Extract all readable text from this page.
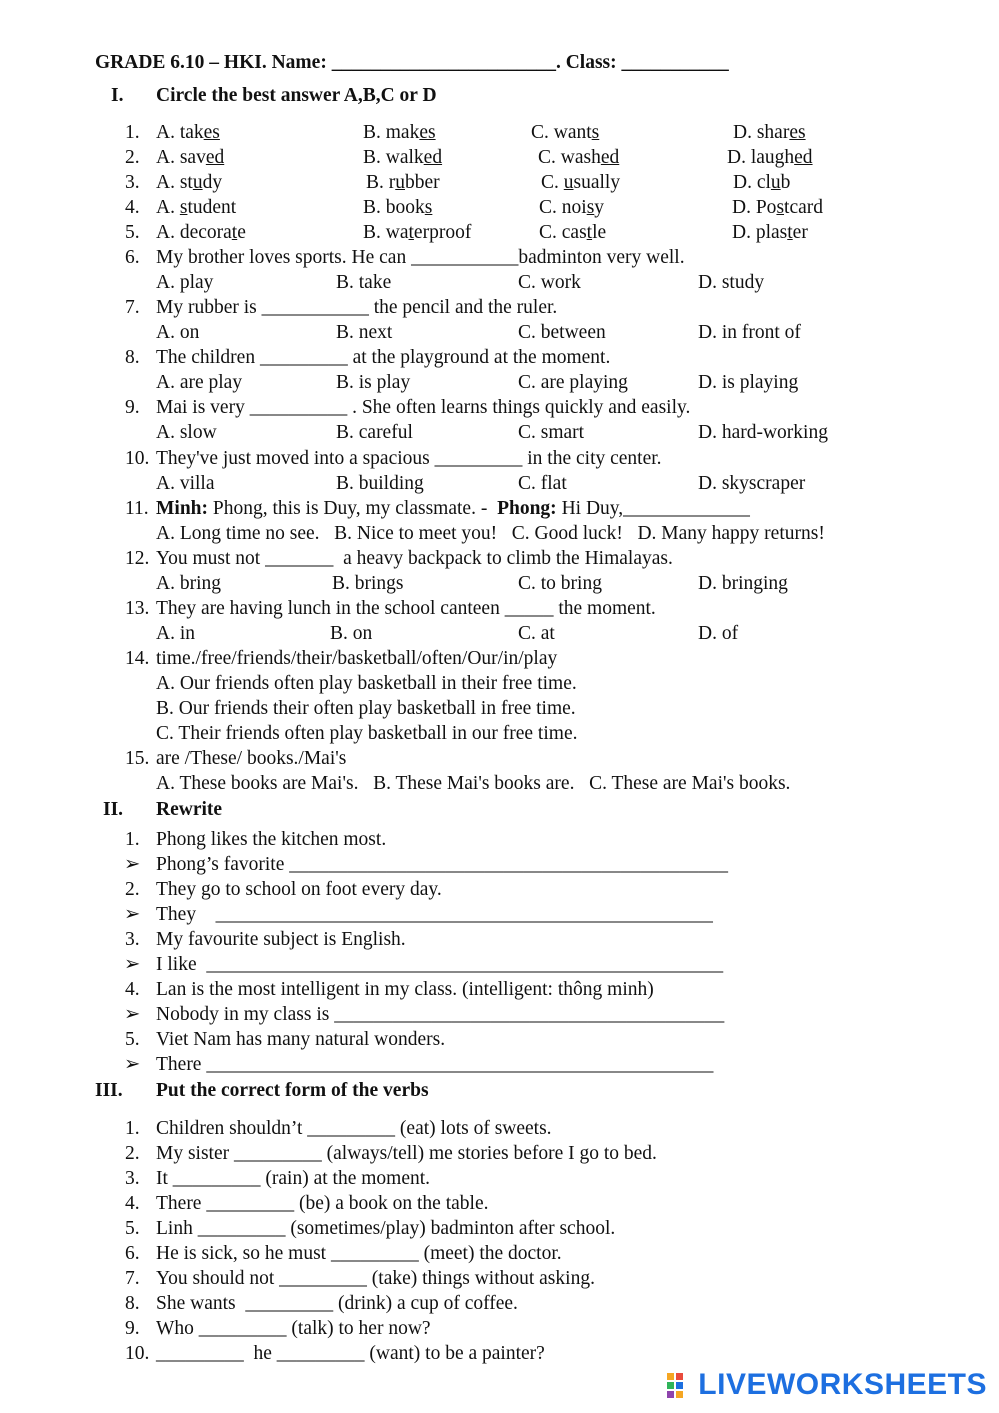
GRADE 6.10 – HKI. Name: _______________________. Class: ___________
I. Circle the best answer A,B,C or D
1. A. takes	B. makes	C. wants	D. shares
2. A. saved	B. walked	C. washed	D. laughed
3. A. study	B. rubber	C. usually	D. club
4. A. student	B. books	C. noisy	D. Postcard
5. A. decorate	B. waterproof	C. castle	D. plaster
6. My brother loves sports. He can ___________badminton very well.
A. play	B. take	C. work	D. study
7. My rubber is ___________ the pencil and the ruler.
A. on	B. next	C. between	D. in front of
8. The children _________ at the playground at the moment.
A. are play	B. is play	C. are playing	D. is playing
9. Mai is very __________ . She often learns things quickly and easily.
A. slow	B. careful	C. smart	D. hard-working
10. They've just moved into a spacious _________ in the city center.
A. villa	B. building	C. flat	D. skyscraper
11. Minh: Phong, this is Duy, my classmate. -  Phong: Hi Duy,_____________
A. Long time no see.   B. Nice to meet you!   C. Good luck!   D. Many happy returns!
12. You must not _______  a heavy backpack to climb the Himalayas.
A. bring	B. brings	C. to bring	D. bringing
13. They are having lunch in the school canteen _____ the moment.
A. in	B. on	C. at	D. of
14. time./free/friends/their/basketball/often/Our/in/play
A. Our friends often play basketball in their free time.
B. Our friends their often play basketball in free time.
C. Their friends often play basketball in our free time.
15. are /These/ books./Mai's
A. These books are Mai's.   B. These Mai's books are.   C. These are Mai's books.
II. Rewrite
1. Phong likes the kitchen most.
➢ Phong’s favorite _____________________________________________
2. They go to school on foot every day.
➢ They    ___________________________________________________
3. My favourite subject is English.
➢ I like  _____________________________________________________
4. Lan is the most intelligent in my class. (intelligent: thông minh)
➢ Nobody in my class is ________________________________________
5. Viet Nam has many natural wonders.
➢ There ____________________________________________________
III. Put the correct form of the verbs
1. Children shouldn’t _________ (eat) lots of sweets.
2. My sister _________ (always/tell) me stories before I go to bed.
3. It _________ (rain) at the moment.
4. There _________ (be) a book on the table.
5. Linh _________ (sometimes/play) badminton after school.
6. He is sick, so he must _________ (meet) the doctor.
7. You should not _________ (take) things without asking.
8. She wants  _________ (drink) a cup of coffee.
9. Who _________ (talk) to her now?
10. _________  he _________ (want) to be a painter?
LIVEWORKSHEETS
